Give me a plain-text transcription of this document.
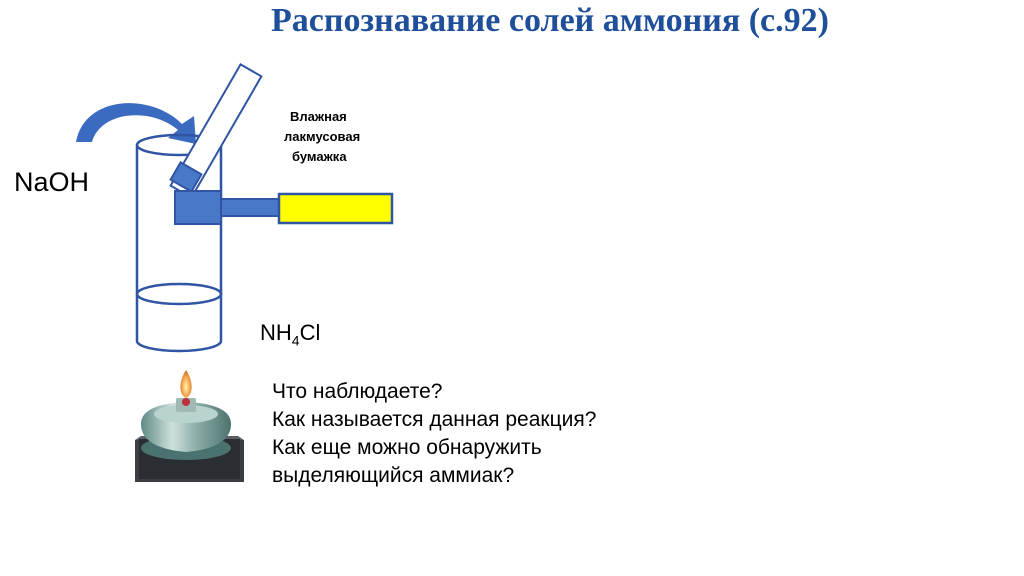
Распознавание солей аммония (с.92)
NaOH
Влажная
лакмусовая
бумажка
$NH_4Cl$
Что наблюдаете?
Как называется данная реакция?
Как еще можно обнаружить
выделяющийся аммиак?
